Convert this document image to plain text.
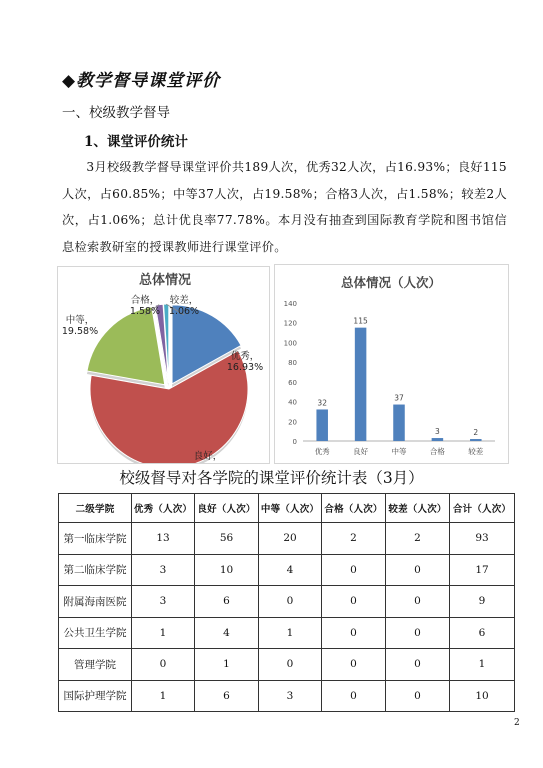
◆教学督导课堂评价
一、校级教学督导
1、课堂评价统计
3月校级教学督导课堂评价共189人次，优秀32人次，占16.93%；良好115人次，占60.85%；中等37人次，占19.58%；合格3人次，占1.58%；较差2人次，占1.06%；总计优良率77.78%。本月没有抽查到国际教育学院和图书馆信息检索教研室的授课教师进行课堂评价。
总体情况
优秀，
16.93%
良好，
中等，
19.58%
合格，
1.58%
较差，
1.06%
总体情况（人次）
0
20
40
60
80
100
120
140
32
优秀
115
良好
37
中等
3
合格
2
较差
校级督导对各学院的课堂评价统计表（3月）
二级学院	优秀（人次）	良好（人次）	中等（人次）	合格（人次）	较差（人次）	合计（人次）
第一临床学院	13	56	20	2	2	93
第二临床学院	3	10	4	0	0	17
附属海南医院	3	6	0	0	0	9
公共卫生学院	1	4	1	0	0	6
管理学院	0	1	0	0	0	1
国际护理学院	1	6	3	0	0	10
2
